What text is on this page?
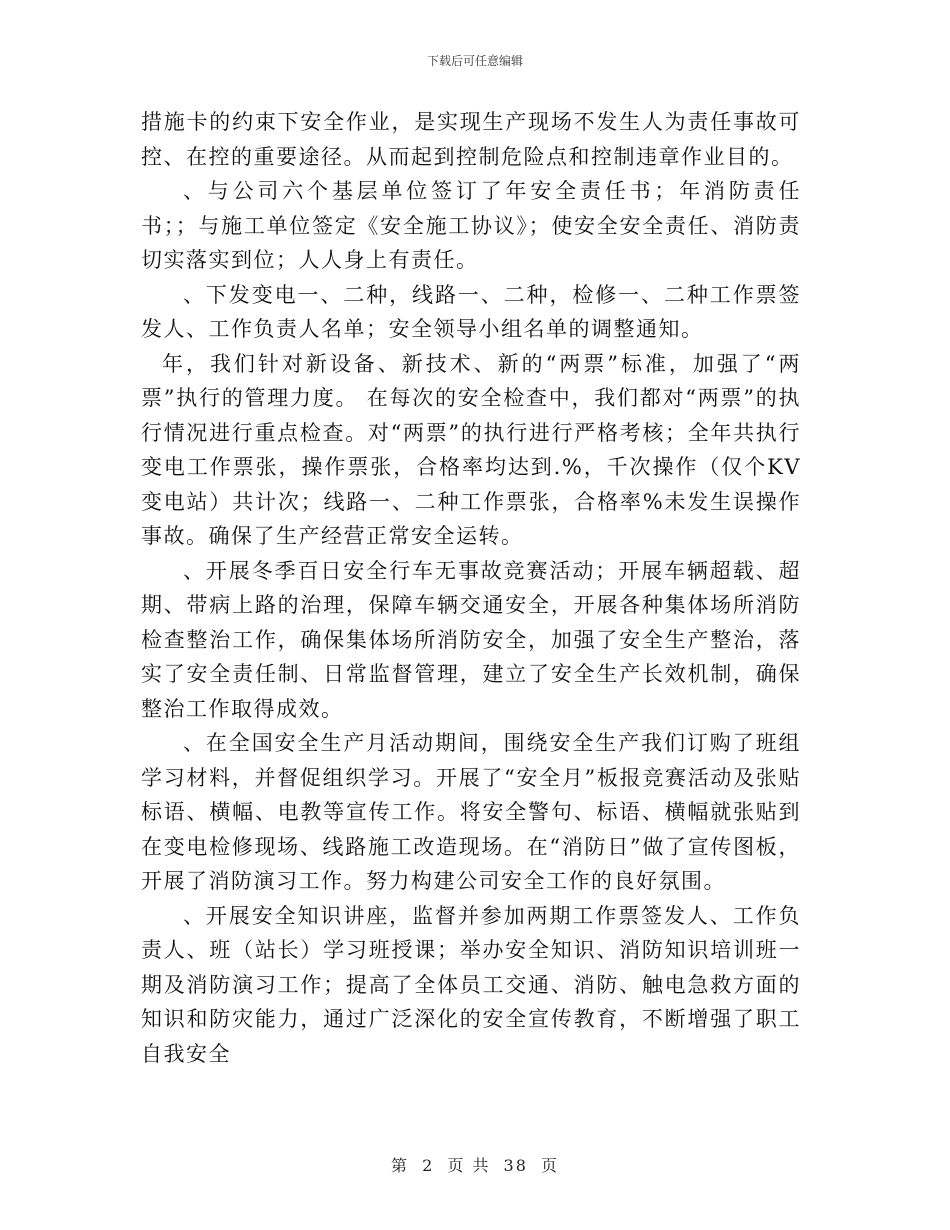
下载后可任意编辑

措施卡的约束下安全作业，是实现生产现场不发生人为责任事故可控、在控的重要途径。从而起到控制危险点和控制违章作业目的。

、与公司六个基层单位签订了年安全责任书；年消防责任书；；与施工单位签定《安全施工协议》；使安全安全责任、消防责切实落实到位；人人身上有责任。

、下发变电一、二种，线路一、二种，检修一、二种工作票签发人、工作负责人名单；安全领导小组名单的调整通知。

年，我们针对新设备、新技术、新的“两票”标准，加强了“两票”执行的管理力度。 在每次的安全检查中，我们都对“两票”的执行情况进行重点检查。对“两票”的执行进行严格考核；全年共执行变电工作票张，操作票张，合格率均达到.%，千次操作（仅个KV变电站）共计次；线路一、二种工作票张，合格率%未发生误操作事故。确保了生产经营正常安全运转。

、开展冬季百日安全行车无事故竞赛活动；开展车辆超载、超期、带病上路的治理，保障车辆交通安全，开展各种集体场所消防检查整治工作，确保集体场所消防安全，加强了安全生产整治，落实了安全责任制、日常监督管理，建立了安全生产长效机制，确保整治工作取得成效。

、在全国安全生产月活动期间，围绕安全生产我们订购了班组学习材料，并督促组织学习。开展了“安全月”板报竞赛活动及张贴标语、横幅、电教等宣传工作。将安全警句、标语、横幅就张贴到在变电检修现场、线路施工改造现场。在“消防日”做了宣传图板，开展了消防演习工作。努力构建公司安全工作的良好氛围。

、开展安全知识讲座，监督并参加两期工作票签发人、工作负责人、班（站长）学习班授课；举办安全知识、消防知识培训班一期及消防演习工作；提高了全体员工交通、消防、触电急救方面的知识和防灾能力，通过广泛深化的安全宣传教育，不断增强了职工自我安全

第 2 页 共 38 页
